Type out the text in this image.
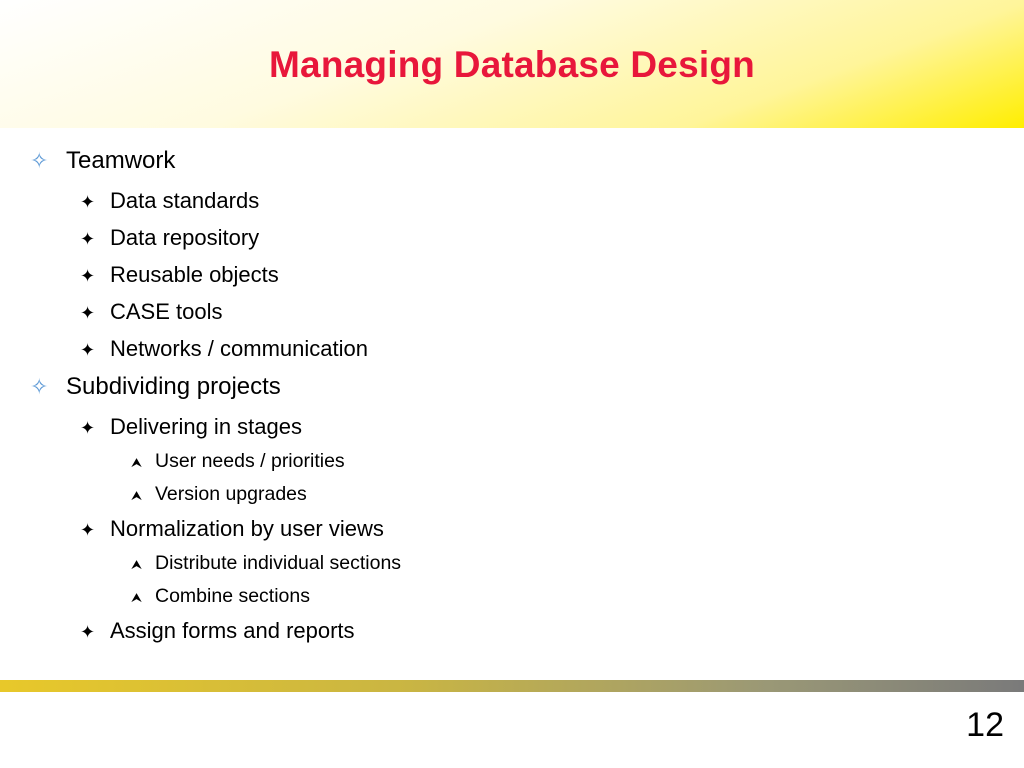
Managing Database Design
✧ Teamwork
✦ Data standards
✦ Data repository
✦ Reusable objects
✦ CASE tools
✦ Networks / communication
✧ Subdividing projects
✦ Delivering in stages
⮝ User needs / priorities
⮝ Version upgrades
✦ Normalization by user views
⮝ Distribute individual sections
⮝ Combine sections
✦ Assign forms and reports
12
